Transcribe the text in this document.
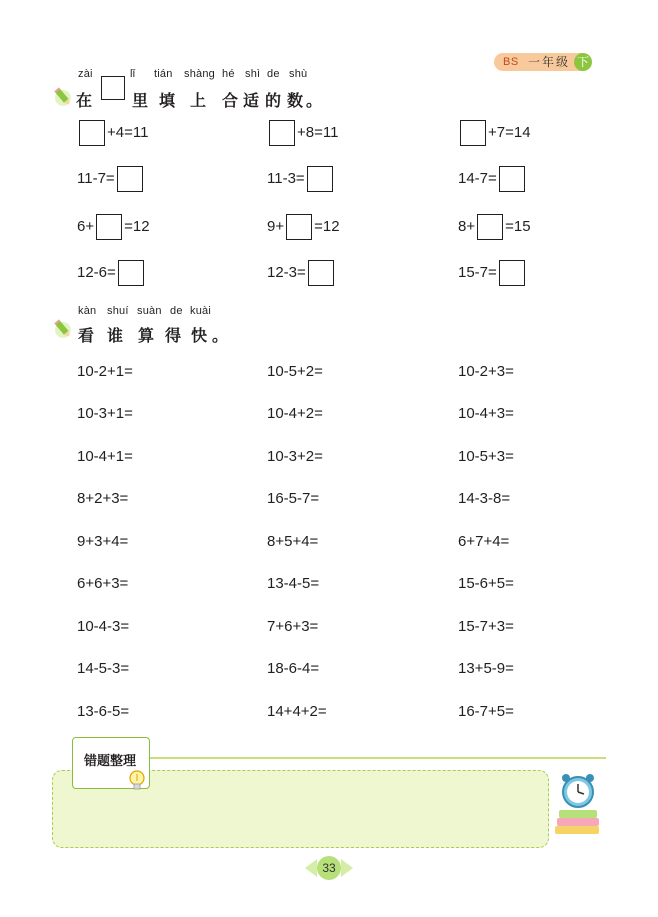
BS 一年级 下
zài	lǐ tián shàng hé shì de shù
在 里 填 上 合 适 的 数 。
+4=11	+8=11	+7=14
11-7=	11-3=	14-7=
6+ =12	9+ =12	8+ =15
12-6=	12-3=	15-7=
kàn shuí suàn de kuài
看 谁 算 得 快 。
10-2+1=	10-5+2=	10-2+3=
10-3+1=	10-4+2=	10-4+3=
10-4+1=	10-3+2=	10-5+3=
8+2+3=	16-5-7=	14-3-8=
9+3+4=	8+5+4=	6+7+4=
6+6+3=	13-4-5=	15-6+5=
10-4-3=	7+6+3=	15-7+3=
14-5-3=	18-6-4=	13+5-9=
13-6-5=	14+4+2=	16-7+5=
错题整理
33
